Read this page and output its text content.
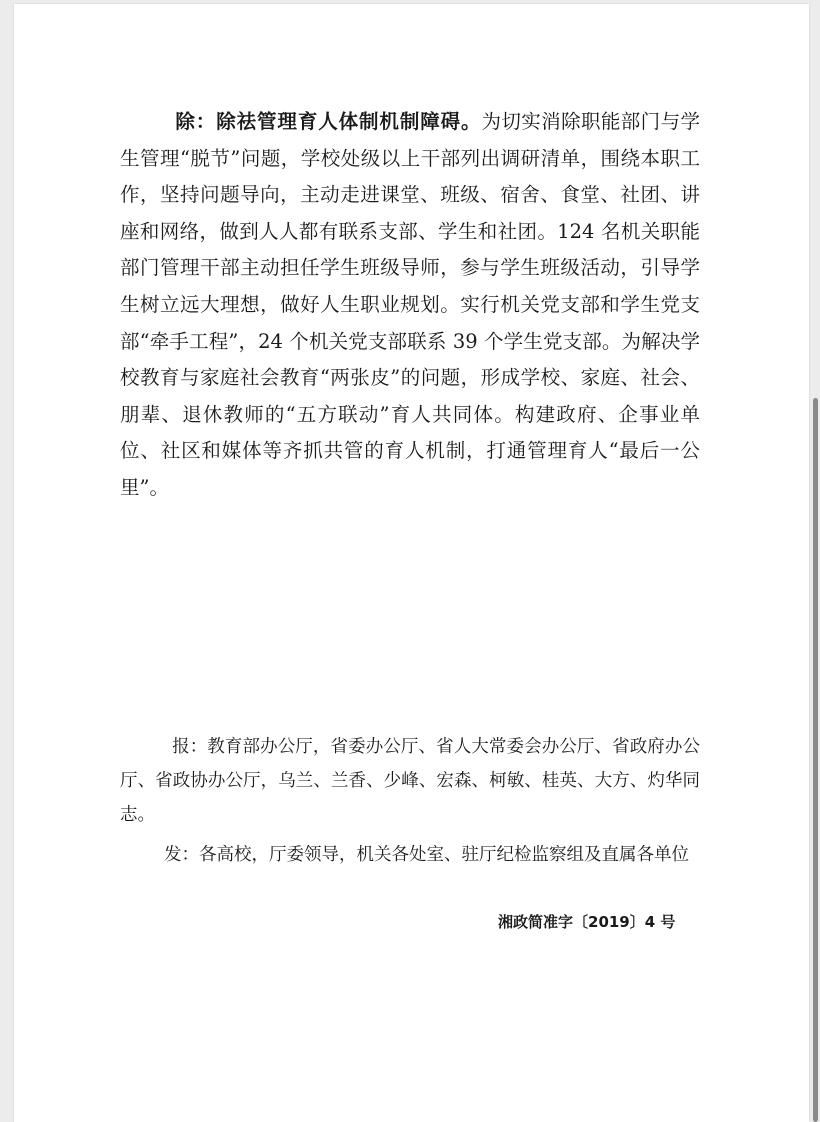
除：除祛管理育人体制机制障碍。为切实消除职能部门与学生管理“脱节”问题，学校处级以上干部列出调研清单，围绕本职工作，坚持问题导向，主动走进课堂、班级、宿舍、食堂、社团、讲座和网络，做到人人都有联系支部、学生和社团。124 名机关职能部门管理干部主动担任学生班级导师，参与学生班级活动，引导学生树立远大理想，做好人生职业规划。实行机关党支部和学生党支部“牵手工程”，24 个机关党支部联系 39 个学生党支部。为解决学校教育与家庭社会教育“两张皮”的问题，形成学校、家庭、社会、朋辈、退休教师的“五方联动”育人共同体。构建政府、企事业单位、社区和媒体等齐抓共管的育人机制，打通管理育人“最后一公里”。

报：教育部办公厅，省委办公厅、省人大常委会办公厅、省政府办公厅、省政协办公厅，乌兰、兰香、少峰、宏森、柯敏、桂英、大方、灼华同志。

发：各高校，厅委领导，机关各处室、驻厅纪检监察组及直属各单位

湘政简准字〔2019〕4 号
